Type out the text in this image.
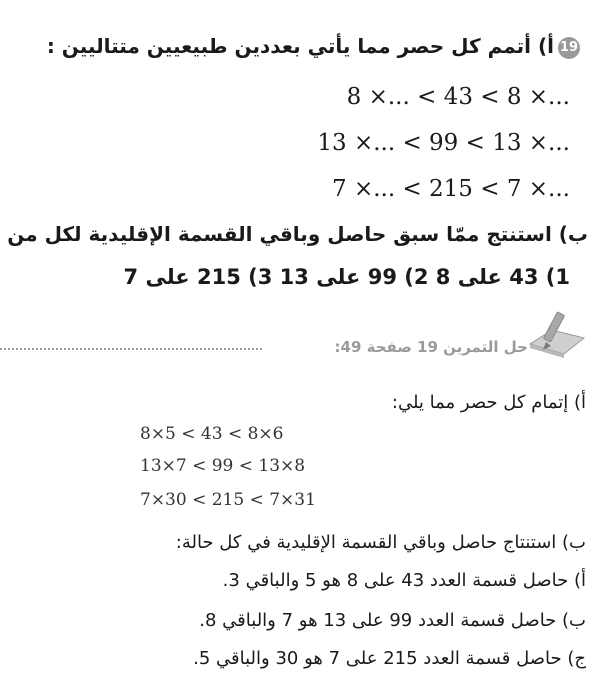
19أ) أتمم كل حصر مما يأتي بعددين طبيعيين متتاليين :
8 ×... < 43 < 8 ×...
13 ×... < 99 < 13 ×...
7 ×... < 215 < 7 ×...
ب) استنتج ممّا سبق حاصل وباقي القسمة الإقليدية لكل من
1) 43 على 8 2) 99 على 13 3) 215 على 7
حل التمرين 19 صفحة 49:
أ) إتمام كل حصر مما يلي:
8×5 < 43 < 8×6
13×7 < 99 < 13×8
7×30 < 215 < 7×31
ب) استنتاج حاصل وباقي القسمة الإقليدية في كل حالة:
أ) حاصل قسمة العدد 43 على 8 هو 5 والباقي 3.
ب) حاصل قسمة العدد 99 على 13 هو 7 والباقي 8.
ج) حاصل قسمة العدد 215 على 7 هو 30 والباقي 5.
